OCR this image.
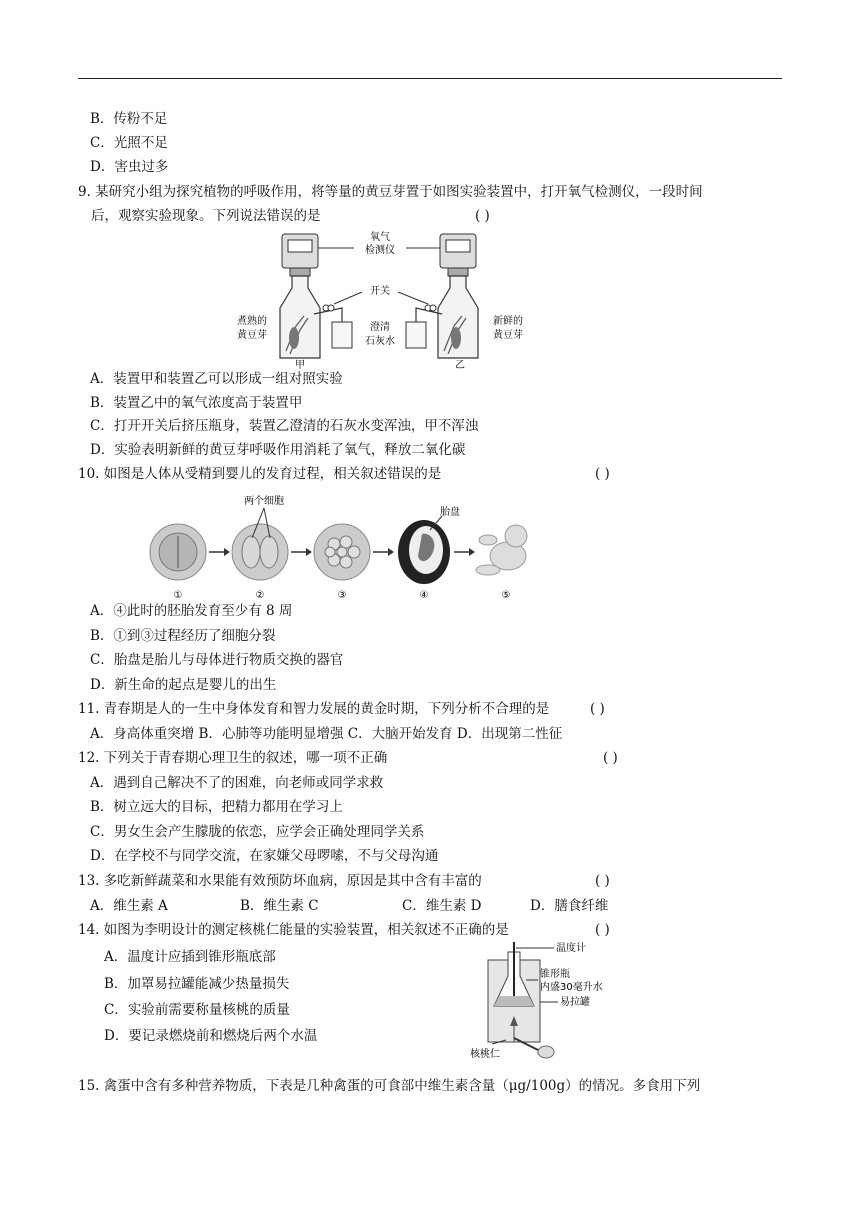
B．传粉不足
C．光照不足
D．害虫过多
9. 某研究小组为探究植物的呼吸作用，将等量的黄豆芽置于如图实验装置中，打开氧气检测仪，一段时间
后，观察实验现象。下列说法错误的是	( )
氧气
检测仪
开关
煮熟的
黄豆芽
澄清
石灰水
新鲜的
黄豆芽
甲	乙
A．装置甲和装置乙可以形成一组对照实验
B．装置乙中的氧气浓度高于装置甲
C．打开开关后挤压瓶身，装置乙澄清的石灰水变浑浊，甲不浑浊
D．实验表明新鲜的黄豆芽呼吸作用消耗了氧气，释放二氧化碳
10. 如图是人体从受精到婴儿的发育过程，相关叙述错误的是	( )
两个细胞
胎盘
①	②	③	④	⑤
A．④此时的胚胎发育至少有 8 周
B．①到③过程经历了细胞分裂
C．胎盘是胎儿与母体进行物质交换的器官
D．新生命的起点是婴儿的出生
11. 青春期是人的一生中身体发育和智力发展的黄金时期，下列分析不合理的是	( )
A．身高体重突增 B．心肺等功能明显增强 C．大脑开始发育 D．出现第二性征
12. 下列关于青春期心理卫生的叙述，哪一项不正确	( )
A．遇到自己解决不了的困难，向老师或同学求救
B．树立远大的目标，把精力都用在学习上
C．男女生会产生朦胧的依恋，应学会正确处理同学关系
D．在学校不与同学交流，在家嫌父母啰嗦，不与父母沟通
13. 多吃新鲜蔬菜和水果能有效预防坏血病，原因是其中含有丰富的	( )
A．维生素 A	B．维生素 C	C．维生素 D	D．膳食纤维
14. 如图为李明设计的测定核桃仁能量的实验装置，相关叙述不正确的是	( )
A．温度计应插到锥形瓶底部
B．加罩易拉罐能减少热量损失
C．实验前需要称量核桃的质量
D．要记录燃烧前和燃烧后两个水温
温度计
锥形瓶
内盛30毫升水
易拉罐
核桃仁
15. 禽蛋中含有多种营养物质，下表是几种禽蛋的可食部中维生素含量（μg/100g）的情况。多食用下列
